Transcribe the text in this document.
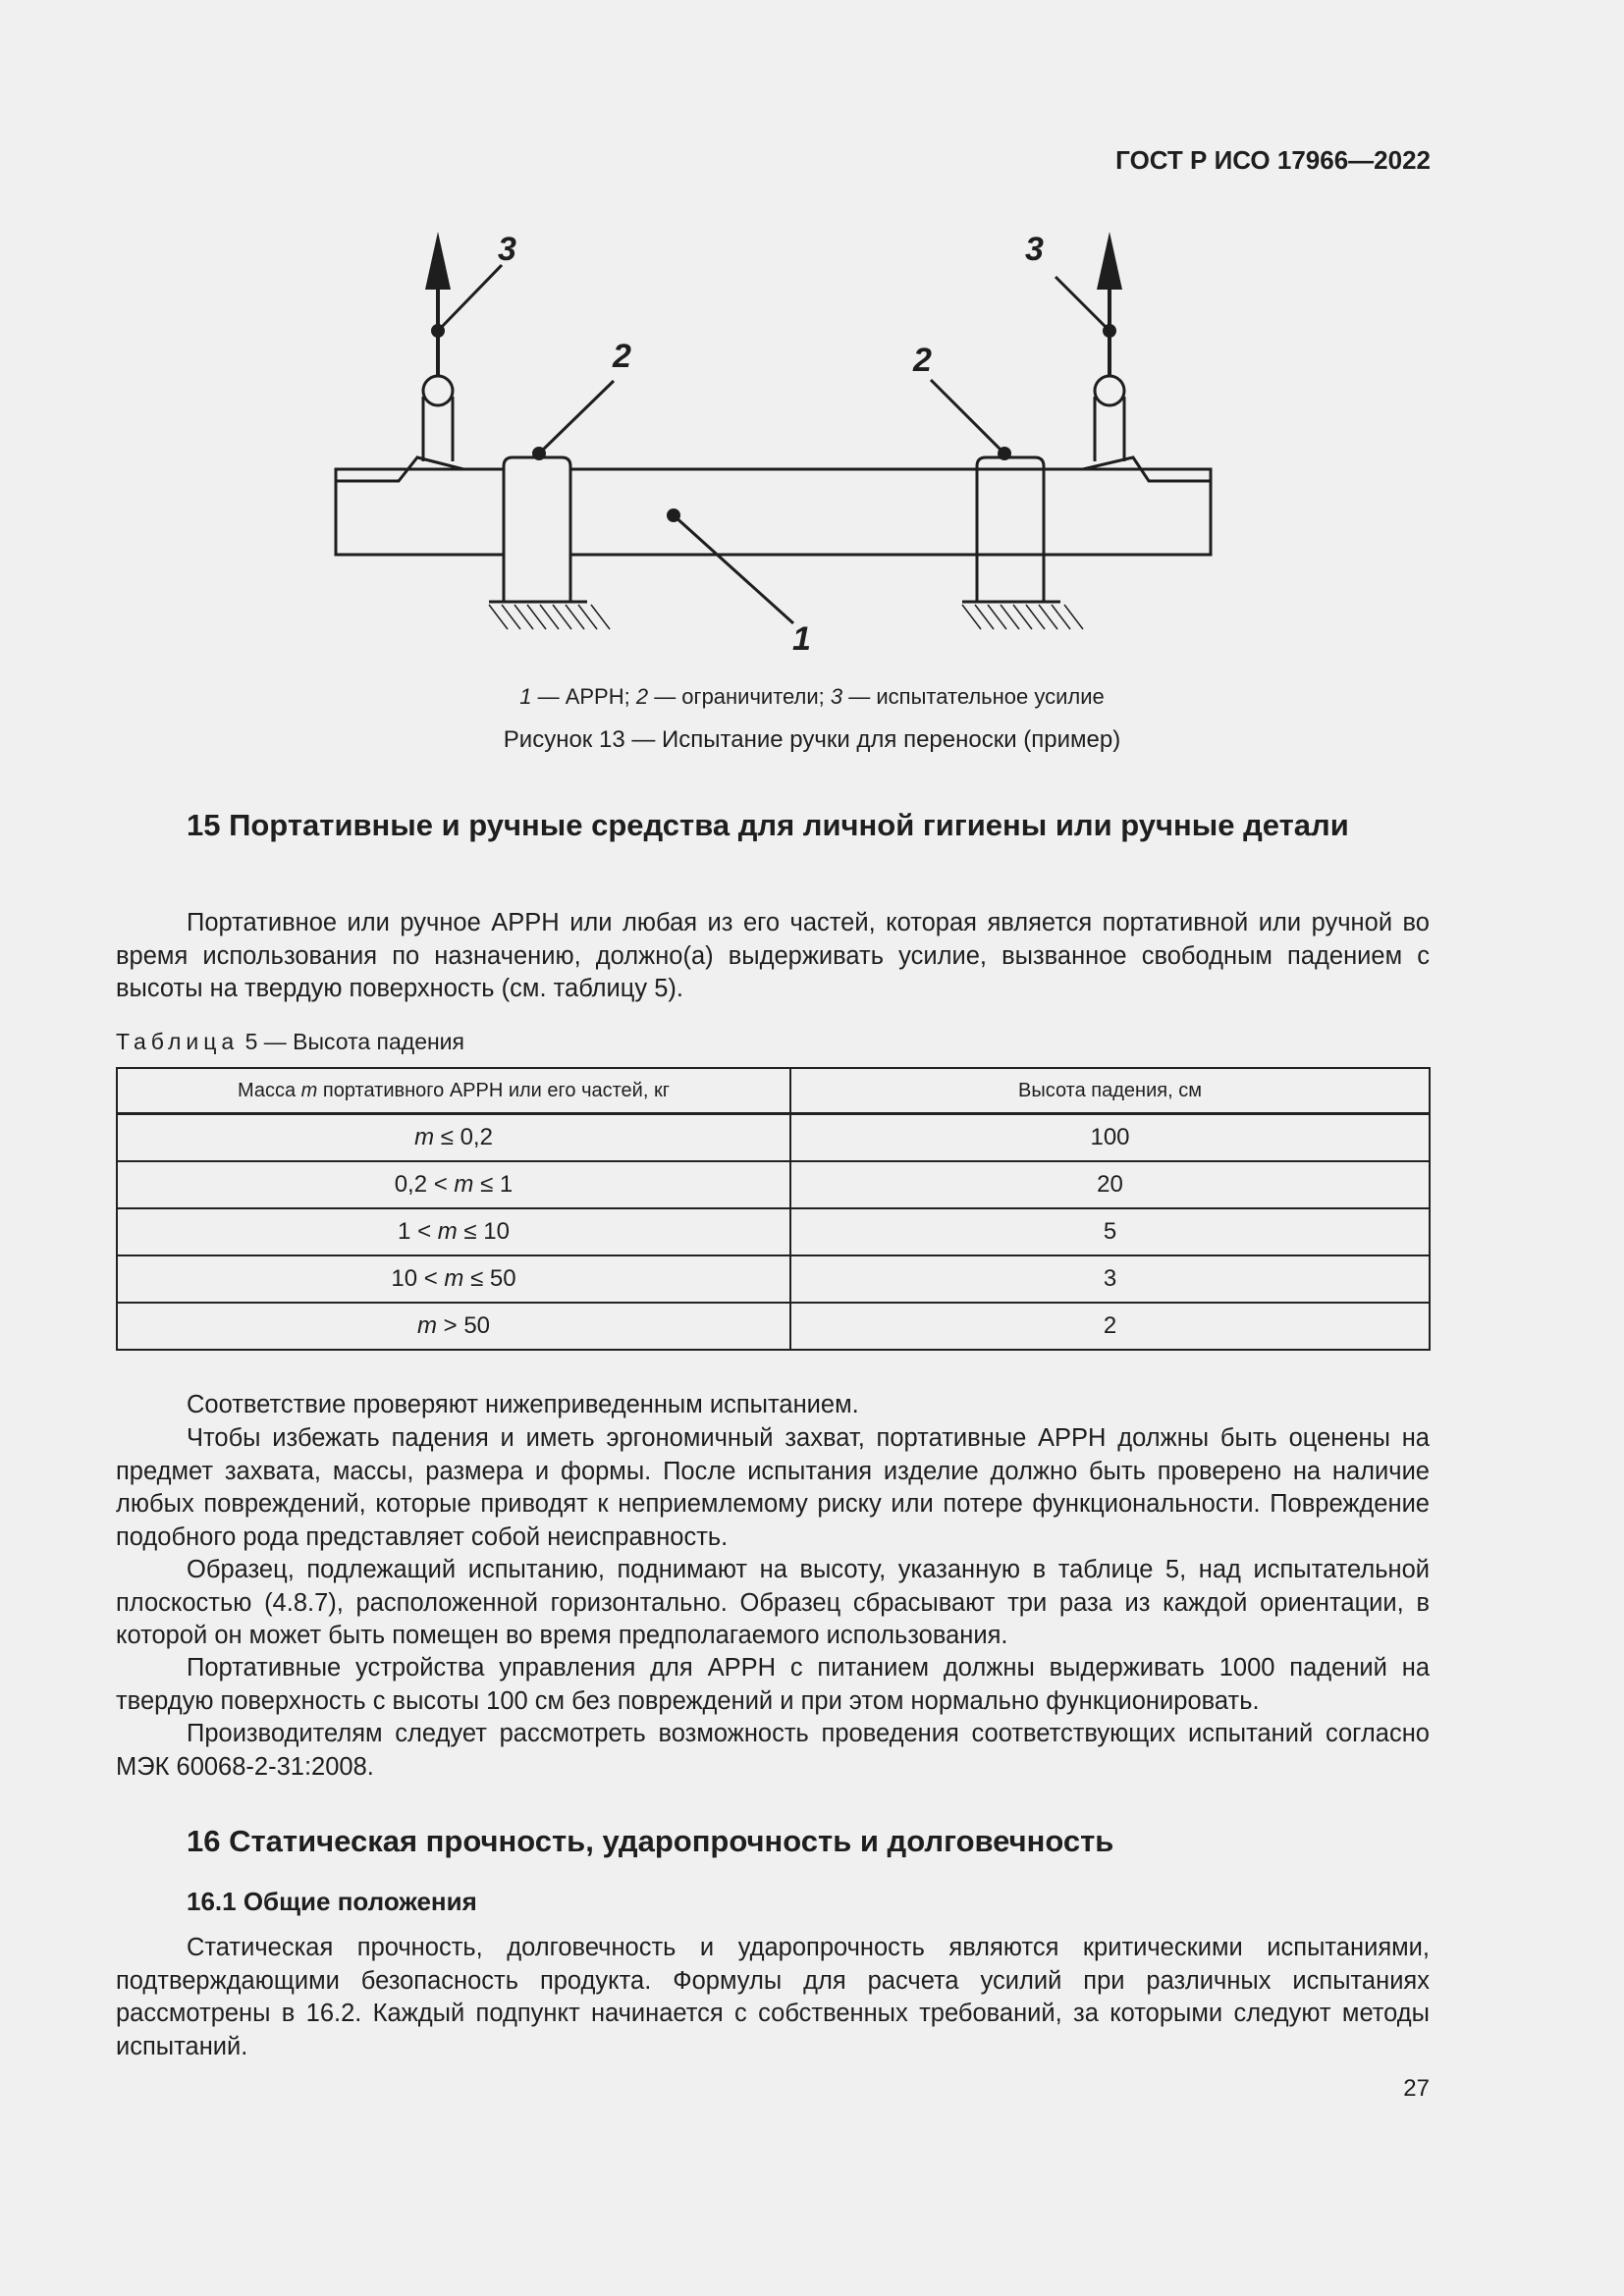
ГОСТ Р ИСО 17966—2022
1
2	2
3	3
1 — АРРН; 2 — ограничители; 3 — испытательное усилие
Рисунок 13 — Испытание ручки для переноски (пример)
15 Портативные и ручные средства для личной гигиены или ручные детали

Портативное или ручное АРРН или любая из его частей, которая является портативной или ручной во время использования по назначению, должно(а) выдерживать усилие, вызванное свободным падением с высоты на твердую поверхность (см. таблицу 5).

Таблица 5 — Высота падения
Масса m портативного АРРН или его частей, кг	Высота падения, см
m ≤ 0,2	100
0,2 < m ≤ 1	20
1 < m ≤ 10	5
10 < m ≤ 50	3
m > 50	2

Соответствие проверяют нижеприведенным испытанием.

Чтобы избежать падения и иметь эргономичный захват, портативные АРРН должны быть оценены на предмет захвата, массы, размера и формы. После испытания изделие должно быть проверено на наличие любых повреждений, которые приводят к неприемлемому риску или потере функциональности. Повреждение подобного рода представляет собой неисправность.

Образец, подлежащий испытанию, поднимают на высоту, указанную в таблице 5, над испытательной плоскостью (4.8.7), расположенной горизонтально. Образец сбрасывают три раза из каждой ориентации, в которой он может быть помещен во время предполагаемого использования.

Портативные устройства управления для АРРН с питанием должны выдерживать 1000 падений на твердую поверхность с высоты 100 см без повреждений и при этом нормально функционировать.

Производителям следует рассмотреть возможность проведения соответствующих испытаний согласно МЭК 60068-2-31:2008.

16 Статическая прочность, ударопрочность и долговечность
16.1 Общие положения

Статическая прочность, долговечность и ударопрочность являются критическими испытаниями, подтверждающими безопасность продукта. Формулы для расчета усилий при различных испытаниях рассмотрены в 16.2. Каждый подпункт начинается с собственных требований, за которыми следуют методы испытаний.

27
